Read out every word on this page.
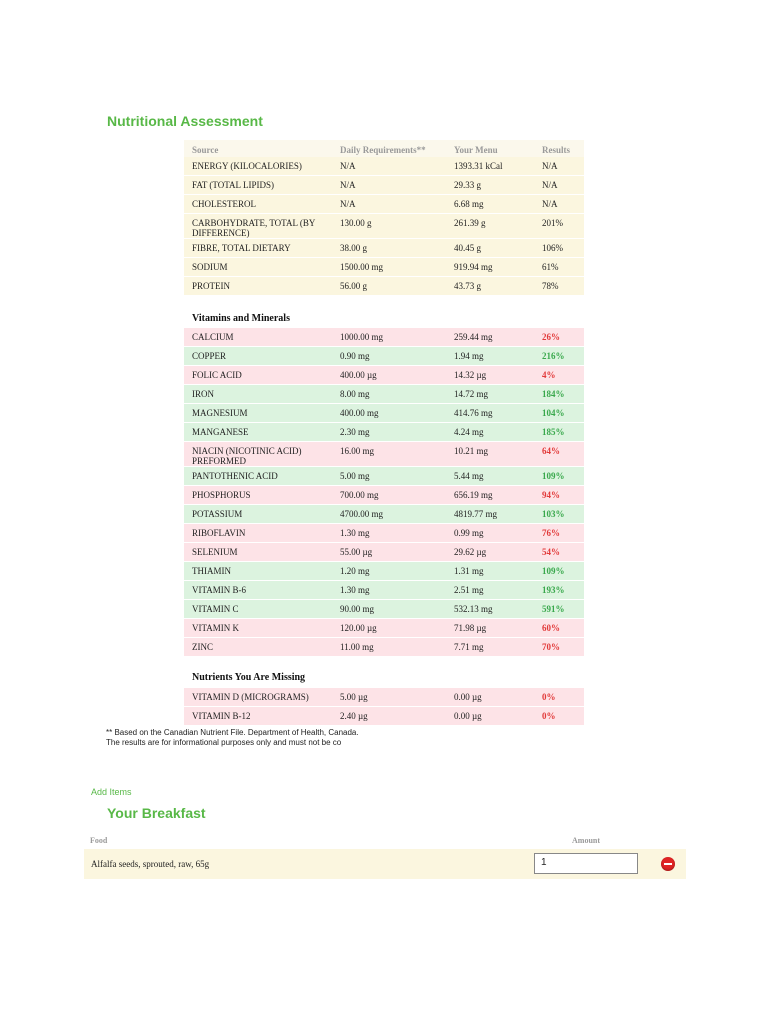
Nutritional Assessment
Source	Daily Requirements**	Your Menu	Results
ENERGY (KILOCALORIES)	N/A	1393.31 kCal	N/A
FAT (TOTAL LIPIDS)	N/A	29.33 g	N/A
CHOLESTEROL	N/A	6.68 mg	N/A
CARBOHYDRATE, TOTAL (BY DIFFERENCE)	130.00 g	261.39 g	201%
FIBRE, TOTAL DIETARY	38.00 g	40.45 g	106%
SODIUM	1500.00 mg	919.94 mg	61%
PROTEIN	56.00 g	43.73 g	78%
Vitamins and Minerals
CALCIUM	1000.00 mg	259.44 mg	26%
COPPER	0.90 mg	1.94 mg	216%
FOLIC ACID	400.00 µg	14.32 µg	4%
IRON	8.00 mg	14.72 mg	184%
MAGNESIUM	400.00 mg	414.76 mg	104%
MANGANESE	2.30 mg	4.24 mg	185%
NIACIN (NICOTINIC ACID) PREFORMED	16.00 mg	10.21 mg	64%
PANTOTHENIC ACID	5.00 mg	5.44 mg	109%
PHOSPHORUS	700.00 mg	656.19 mg	94%
POTASSIUM	4700.00 mg	4819.77 mg	103%
RIBOFLAVIN	1.30 mg	0.99 mg	76%
SELENIUM	55.00 µg	29.62 µg	54%
THIAMIN	1.20 mg	1.31 mg	109%
VITAMIN B-6	1.30 mg	2.51 mg	193%
VITAMIN C	90.00 mg	532.13 mg	591%
VITAMIN K	120.00 µg	71.98 µg	60%
ZINC	11.00 mg	7.71 mg	70%
Nutrients You Are Missing
VITAMIN D (MICROGRAMS)	5.00 µg	0.00 µg	0%
VITAMIN B-12	2.40 µg	0.00 µg	0%
** Based on the Canadian Nutrient File. Department of Health, Canada.
The results are for informational purposes only and must not be co
Add Items
Your Breakfast
Food	Amount
Alfalfa seeds, sprouted, raw, 65g	1
